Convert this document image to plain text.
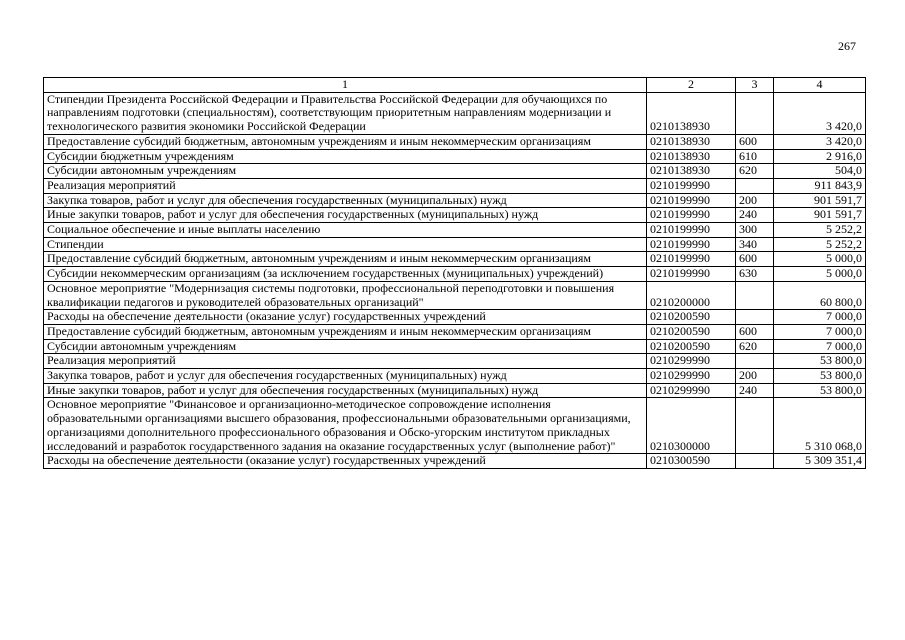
267
1	2	3	4
Стипендии Президента Российской Федерации и Правительства Российской Федерации для обучающихся по направлениям подготовки (специальностям), соответствующим приоритетным направлениям модернизации и технологического развития экономики Российской Федерации	0210138930		3 420,0
Предоставление субсидий бюджетным, автономным учреждениям и иным некоммерческим организациям	0210138930	600	3 420,0
Субсидии бюджетным учреждениям	0210138930	610	2 916,0
Субсидии автономным учреждениям	0210138930	620	504,0
Реализация мероприятий	0210199990		911 843,9
Закупка товаров, работ и услуг для обеспечения государственных (муниципальных) нужд	0210199990	200	901 591,7
Иные закупки товаров, работ и услуг для обеспечения государственных (муниципальных) нужд	0210199990	240	901 591,7
Социальное обеспечение и иные выплаты населению	0210199990	300	5 252,2
Стипендии	0210199990	340	5 252,2
Предоставление субсидий бюджетным, автономным учреждениям и иным некоммерческим организациям	0210199990	600	5 000,0
Субсидии некоммерческим организациям (за исключением государственных (муниципальных) учреждений)	0210199990	630	5 000,0
Основное мероприятие "Модернизация системы подготовки, профессиональной переподготовки и повышения квалификации педагогов и руководителей образовательных организаций"	0210200000		60 800,0
Расходы на обеспечение деятельности (оказание услуг) государственных учреждений	0210200590		7 000,0
Предоставление субсидий бюджетным, автономным учреждениям и иным некоммерческим организациям	0210200590	600	7 000,0
Субсидии автономным учреждениям	0210200590	620	7 000,0
Реализация мероприятий	0210299990		53 800,0
Закупка товаров, работ и услуг для обеспечения государственных (муниципальных) нужд	0210299990	200	53 800,0
Иные закупки товаров, работ и услуг для обеспечения государственных (муниципальных) нужд	0210299990	240	53 800,0
Основное мероприятие "Финансовое и организационно-методическое сопровождение исполнения образовательными организациями высшего образования, профессиональными образовательными организациями, организациями дополнительного профессионального образования и Обско-угорским институтом прикладных исследований и разработок государственного задания на оказание государственных услуг (выполнение работ)"	0210300000		5 310 068,0
Расходы на обеспечение деятельности (оказание услуг) государственных учреждений	0210300590		5 309 351,4
